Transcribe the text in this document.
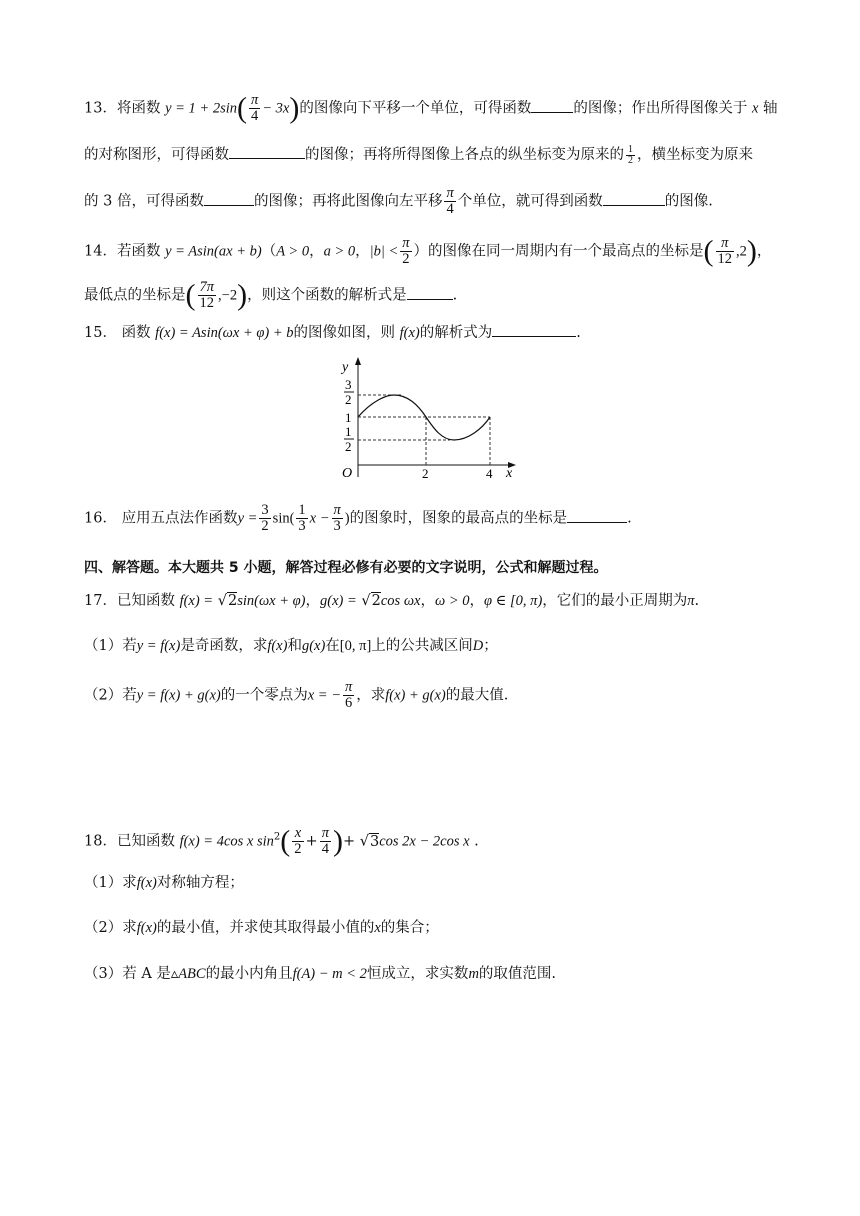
13．将函数 $y = 1 + 2\sin( \frac{\pi}{4} - 3x)$的图像向下平移一个单位，可得函数	的图像；作出所得图像关于 x 轴
的对称图形，可得函数	的图像；再将所得图像上各点的纵坐标变为原来的 $\frac{1}{2}$ ，横坐标变为原来
的 3 倍，可得函数	的图像；再将此图像向左平移 $\frac{\pi}{4}$ 个单位，就可得到函数	的图像.
14．若函数 y = Asin(ax + b)（A > 0，a > 0，$|b| < \frac{\pi}{2}$ ）的图像在同一周期内有一个最高点的坐标是( $\frac{\pi}{12} ,2$)，
最低点的坐标是( $\frac{7\pi}{12} ,-2$)，则这个函数的解析式是	.
15． 函数 f(x) = Asin(ωx + φ) + b的图像如图，则 f(x)的解析式为	.
y
x
O
3
2
1
1
2
2	4
16． 应用五点法作函数$y = \frac{3}{2} \sin( \frac{1}{3}$ $x - \frac{\pi}{3}$ )的图象时，图象的最高点的坐标是	.
四、解答题。本大题共 5 小题，解答过程必修有必要的文字说明，公式和解题过程。
17．已知函数 f(x) = √2sin(ωx + φ)，g(x) = √2cos ωx，ω > 0，φ ∈ [0, π)，它们的最小正周期为π.
（1）若y = f(x)是奇函数，求f(x)和g(x)在[0, π]上的公共减区间D；
（2）若y = f(x) + g(x)的一个零点为x = − $\frac{\pi}{6}$ ，求f(x) + g(x)的最大值.
18．已知函数 f(x) = 4cos x $\sin^2( \frac{x}{2} + \frac{\pi}{4}$ )+ √3cos 2x − 2cos x .
（1）求f(x)对称轴方程；
（2）求f(x)的最小值，并求使其取得最小值的x的集合；
（3）若 A 是▵ABC的最小内角且f(A) − m < 2恒成立，求实数m的取值范围.
